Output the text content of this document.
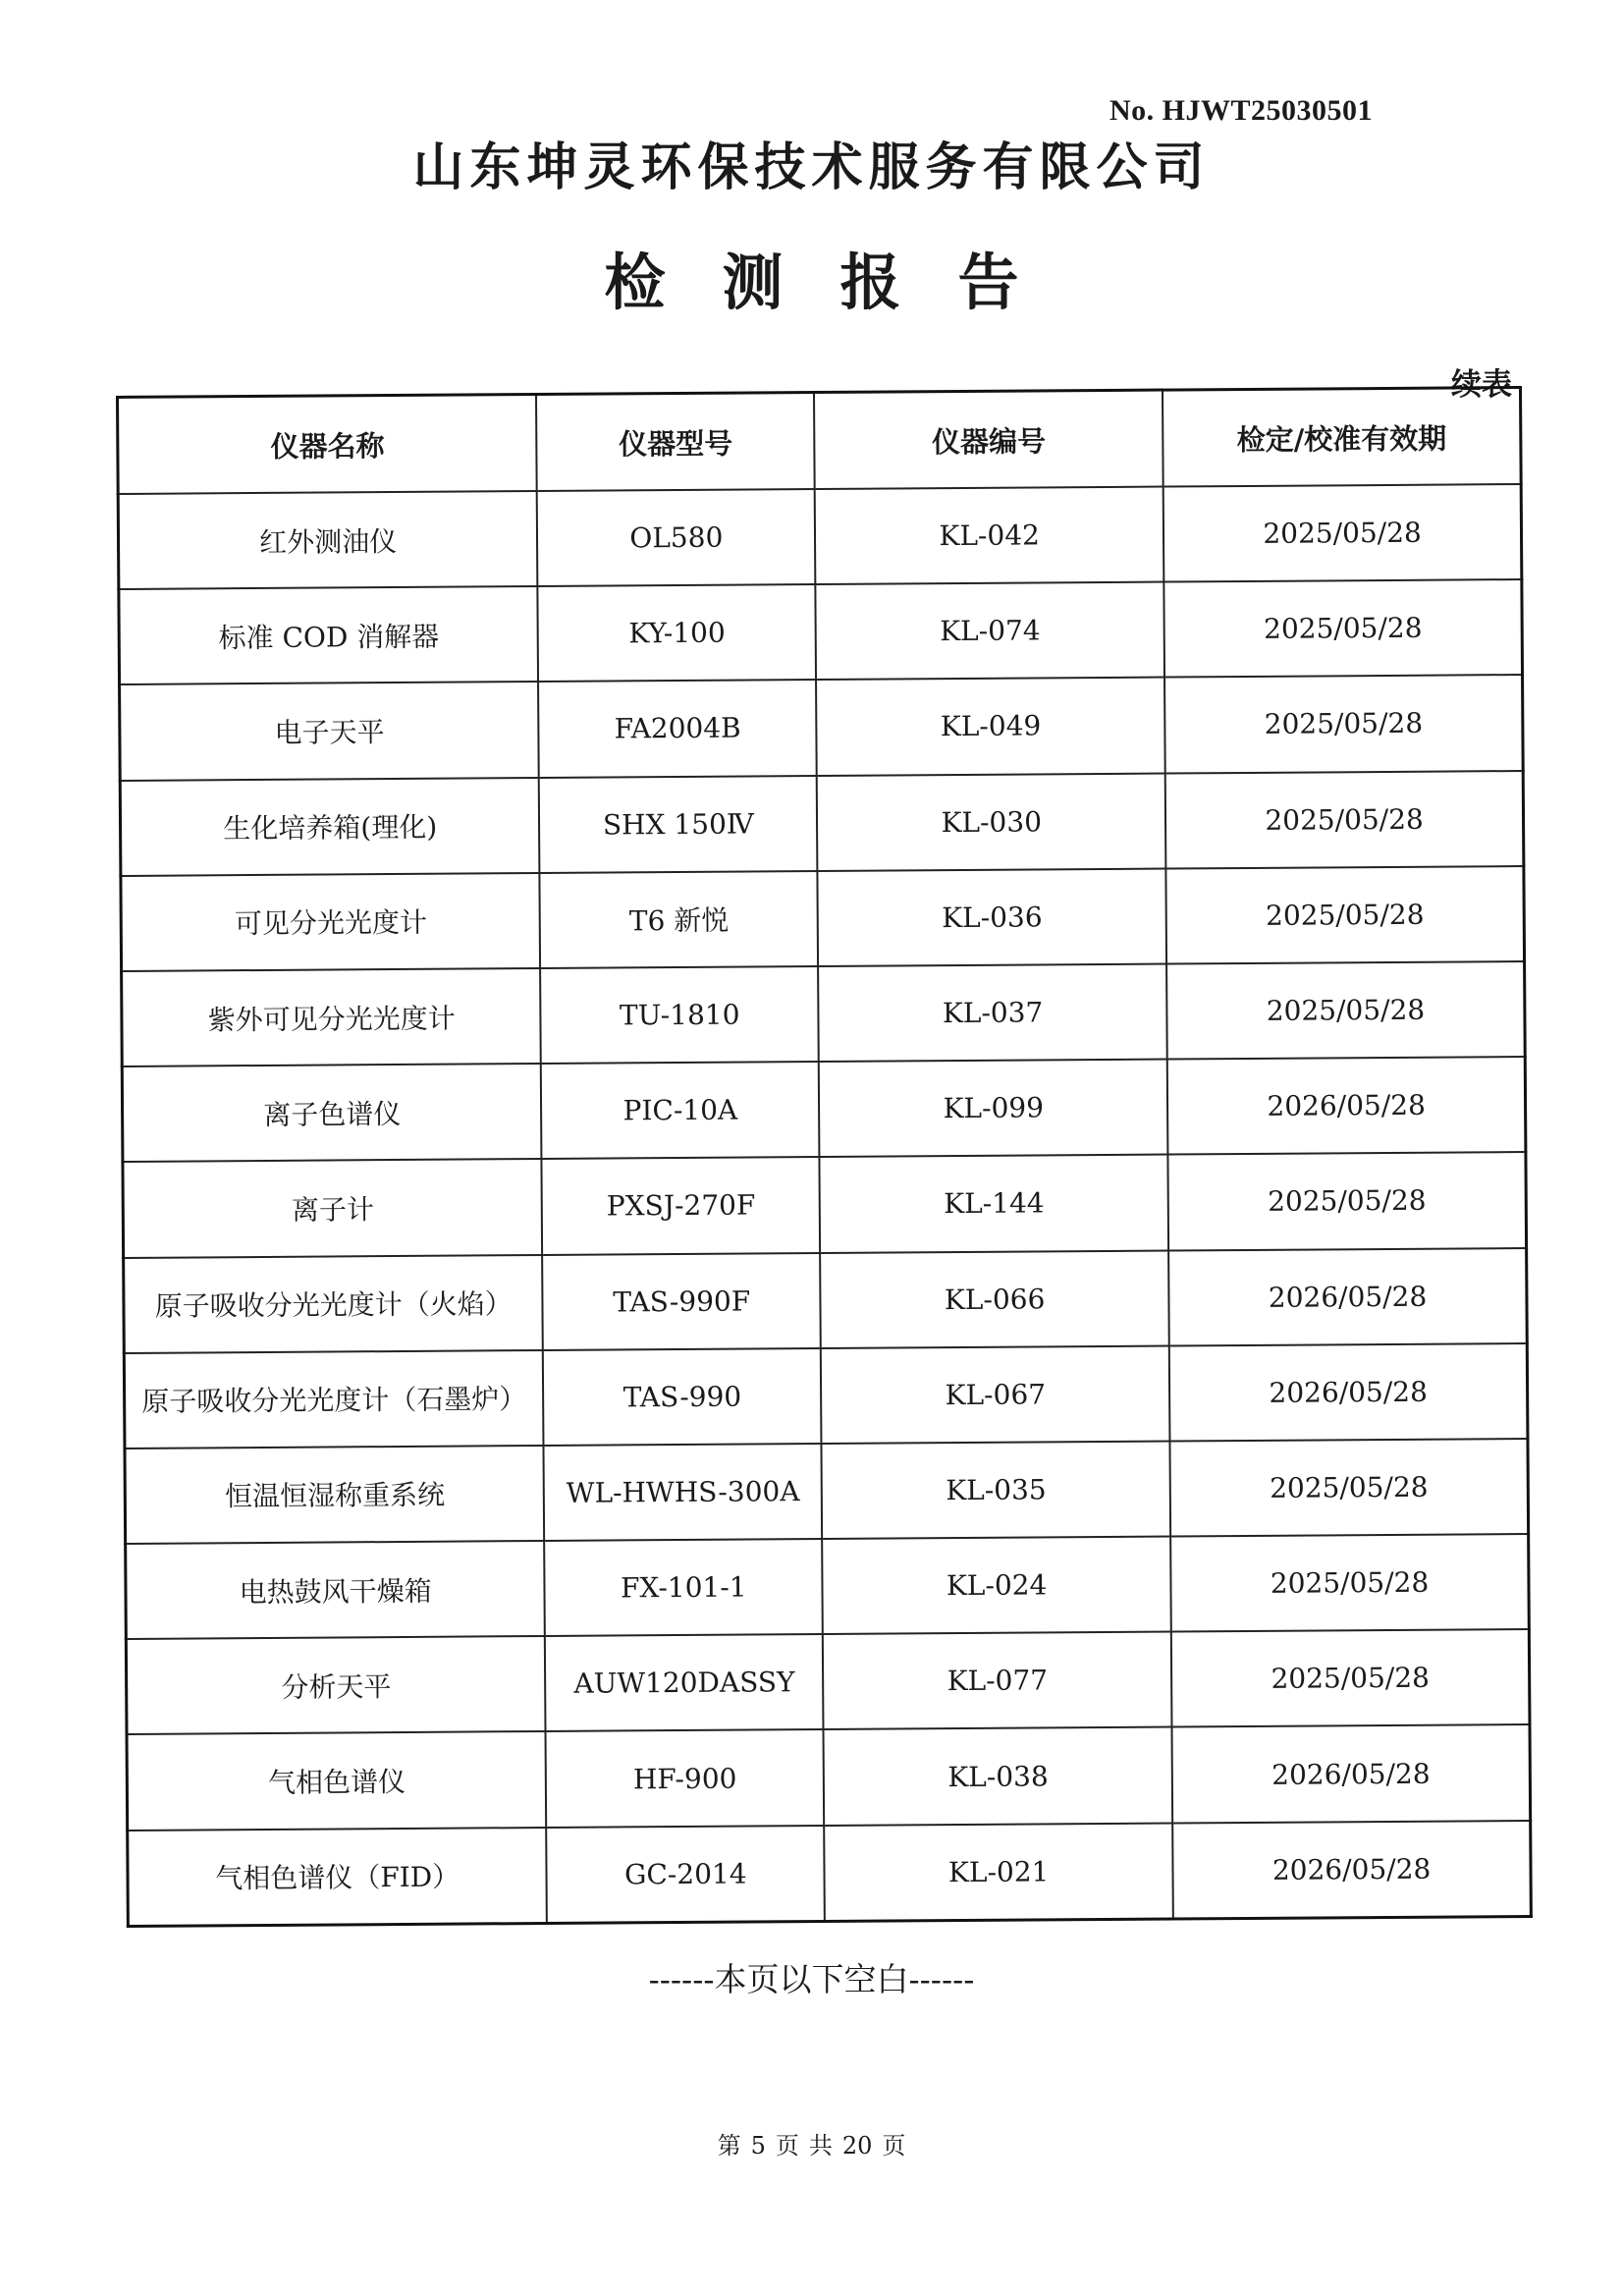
No. HJWT25030501
山东坤灵环保技术服务有限公司
检测报告
续表
仪器名称	仪器型号	仪器编号	检定/校准有效期
红外测油仪	OL580	KL-042	2025/05/28
标准 COD 消解器	KY-100	KL-074	2025/05/28
电子天平	FA2004B	KL-049	2025/05/28
生化培养箱(理化)	SHX 150Ⅳ	KL-030	2025/05/28
可见分光光度计	T6 新悦	KL-036	2025/05/28
紫外可见分光光度计	TU-1810	KL-037	2025/05/28
离子色谱仪	PIC-10A	KL-099	2026/05/28
离子计	PXSJ-270F	KL-144	2025/05/28
原子吸收分光光度计（火焰）	TAS-990F	KL-066	2026/05/28
原子吸收分光光度计（石墨炉）	TAS-990	KL-067	2026/05/28
恒温恒湿称重系统	WL-HWHS-300A	KL-035	2025/05/28
电热鼓风干燥箱	FX-101-1	KL-024	2025/05/28
分析天平	AUW120DASSY	KL-077	2025/05/28
气相色谱仪	HF-900	KL-038	2026/05/28
气相色谱仪（FID）	GC-2014	KL-021	2026/05/28
------本页以下空白------
第 5 页 共 20 页
